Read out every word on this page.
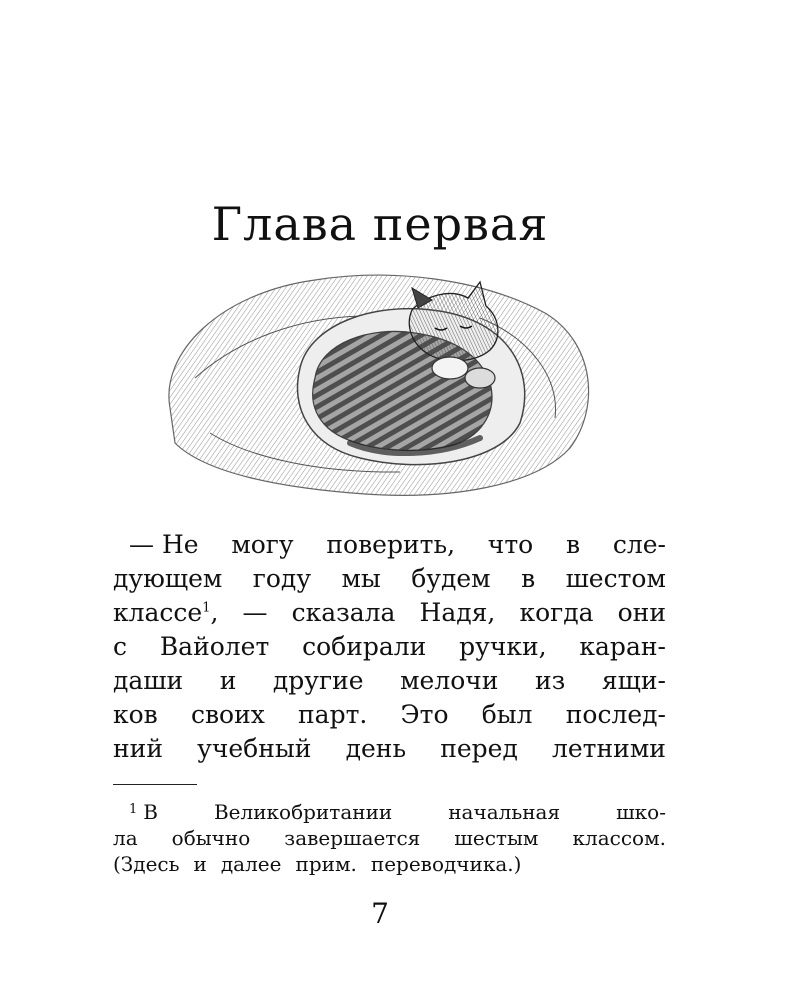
Глава первая
— Не могу поверить, что в сле-
дующем году мы будем в шестом
классе$^1$, — сказала Надя, когда они
с Вайолет собирали ручки, каран-
даши и другие мелочи из ящи-
ков своих парт. Это был послед-
ний учебный день перед летними
$^1$ В	Великобритании	начальная	шко-
ла обычно завершается шестым классом.
(Здесь и далее прим. переводчика.)
7
